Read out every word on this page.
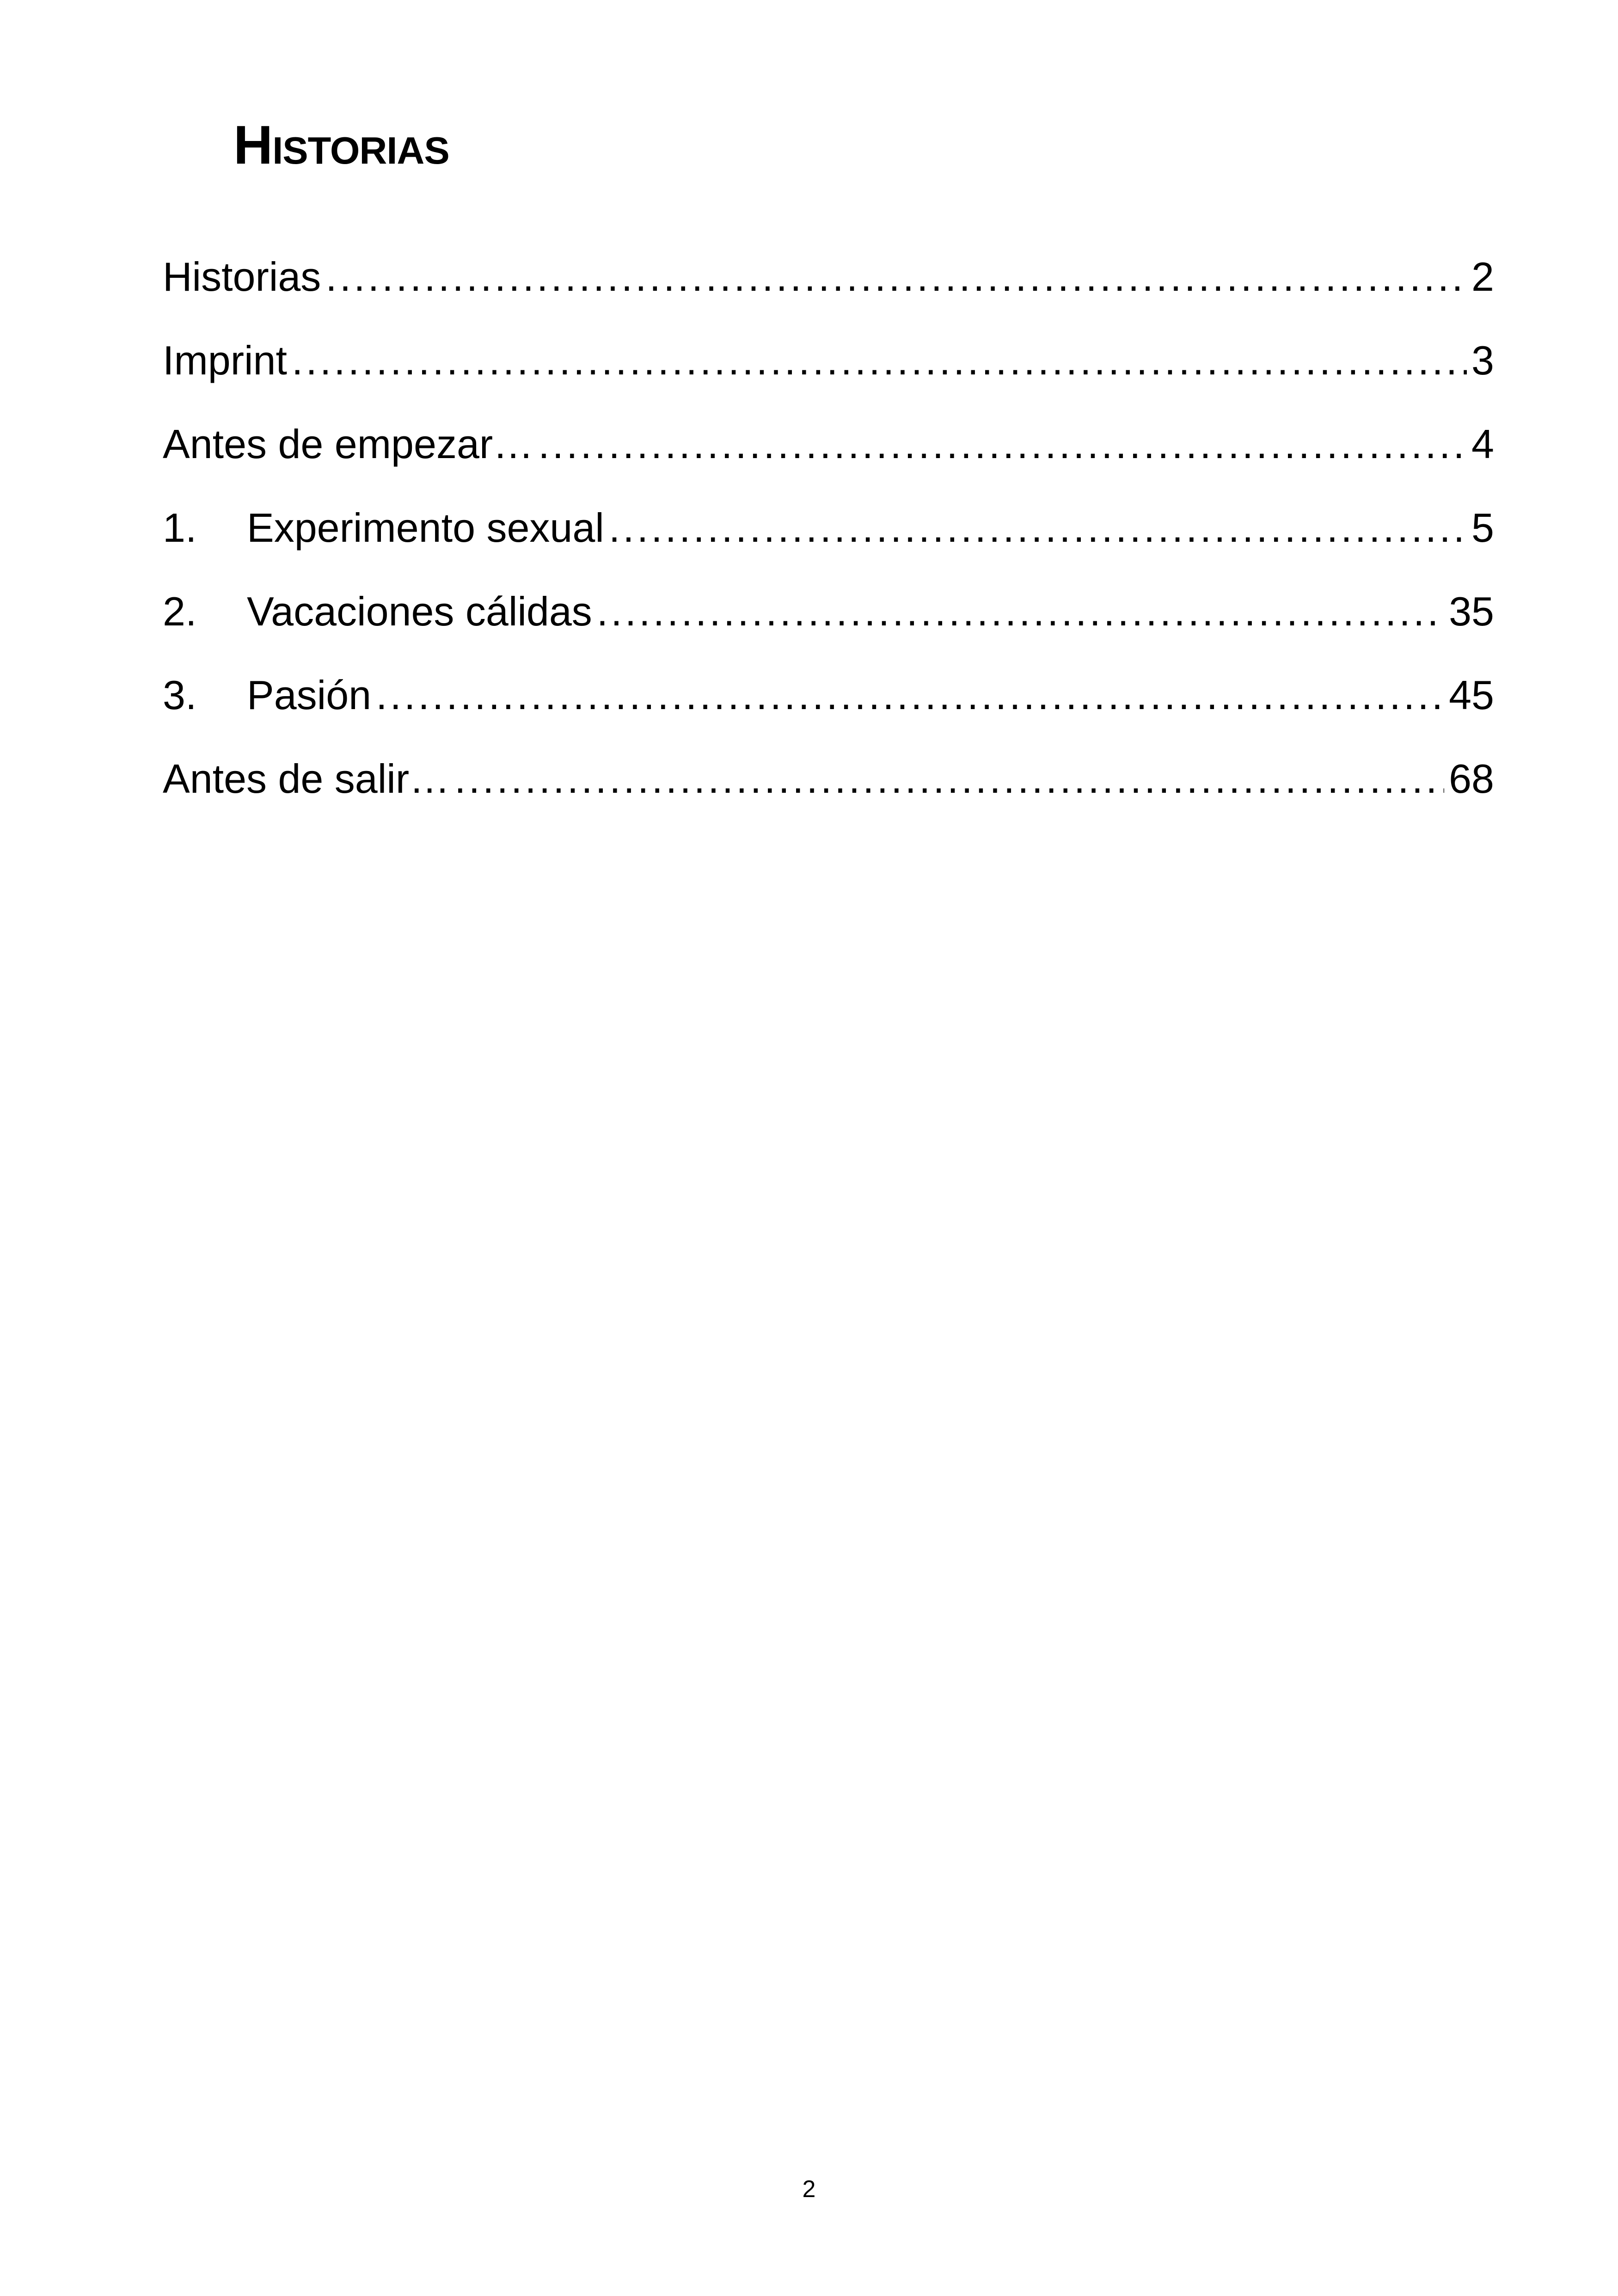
Historias
Historias .....	2
Imprint .....	3
Antes de empezar… .....	4
1.	Experimento sexual .....	5
2.	Vacaciones cálidas .....	35
3.	Pasión .....	45
Antes de salir… .....	68
2
